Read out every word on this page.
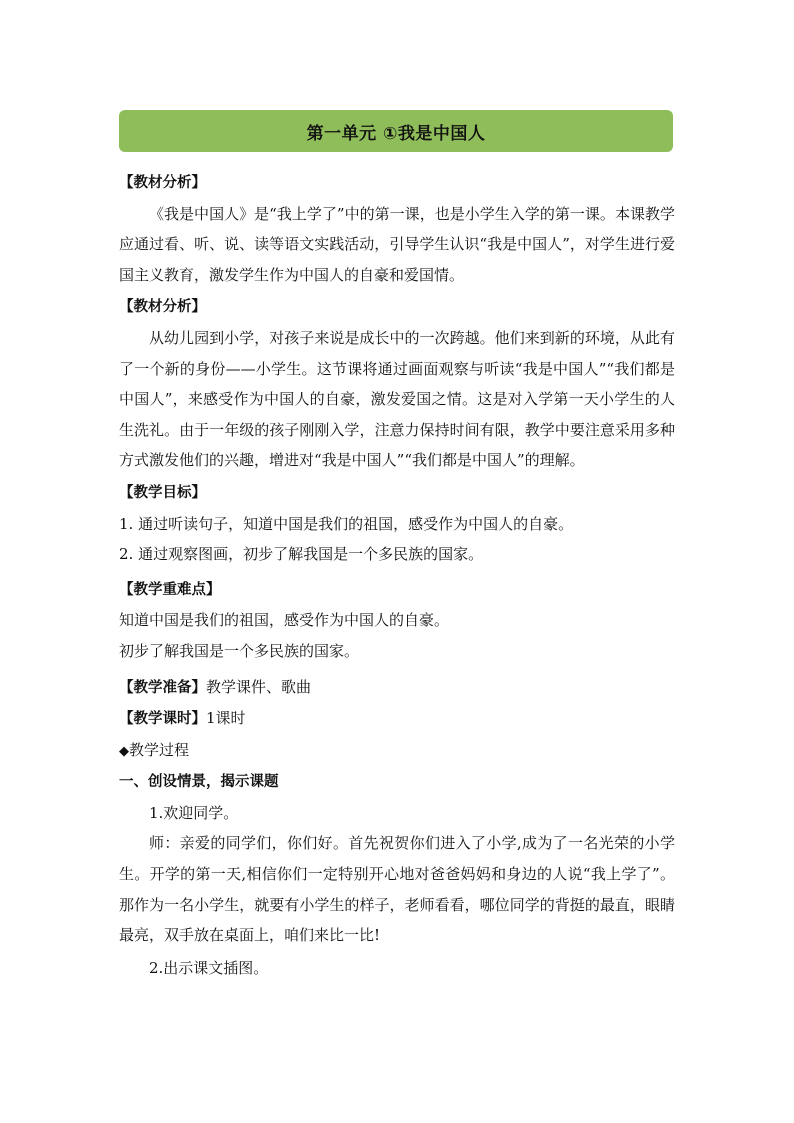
第一单元 ①我是中国人

【教材分析】

《我是中国人》是“我上学了”中的第一课，也是小学生入学的第一课。本课教学应通过看、听、说、读等语文实践活动，引导学生认识“我是中国人”，对学生进行爱国主义教育，激发学生作为中国人的自豪和爱国情。

【教材分析】

从幼儿园到小学，对孩子来说是成长中的一次跨越。他们来到新的环境，从此有了一个新的身份——小学生。这节课将通过画面观察与听读“我是中国人”“我们都是中国人”，来感受作为中国人的自豪，激发爱国之情。这是对入学第一天小学生的人生洗礼。由于一年级的孩子刚刚入学，注意力保持时间有限，教学中要注意采用多种方式激发他们的兴趣，增进对“我是中国人”“我们都是中国人”的理解。

【教学目标】

1. 通过听读句子，知道中国是我们的祖国，感受作为中国人的自豪。

2. 通过观察图画，初步了解我国是一个多民族的国家。

【教学重难点】

知道中国是我们的祖国，感受作为中国人的自豪。

初步了解我国是一个多民族的国家。

【教学准备】教学课件、歌曲

【教学课时】1课时

◆教学过程

一、创设情景，揭示课题

1.欢迎同学。

师：亲爱的同学们，你们好。首先祝贺你们进入了小学,成为了一名光荣的小学生。开学的第一天,相信你们一定特别开心地对爸爸妈妈和身边的人说“我上学了”。那作为一名小学生，就要有小学生的样子，老师看看，哪位同学的背挺的最直，眼睛最亮，双手放在桌面上，咱们来比一比!

2.出示课文插图。
